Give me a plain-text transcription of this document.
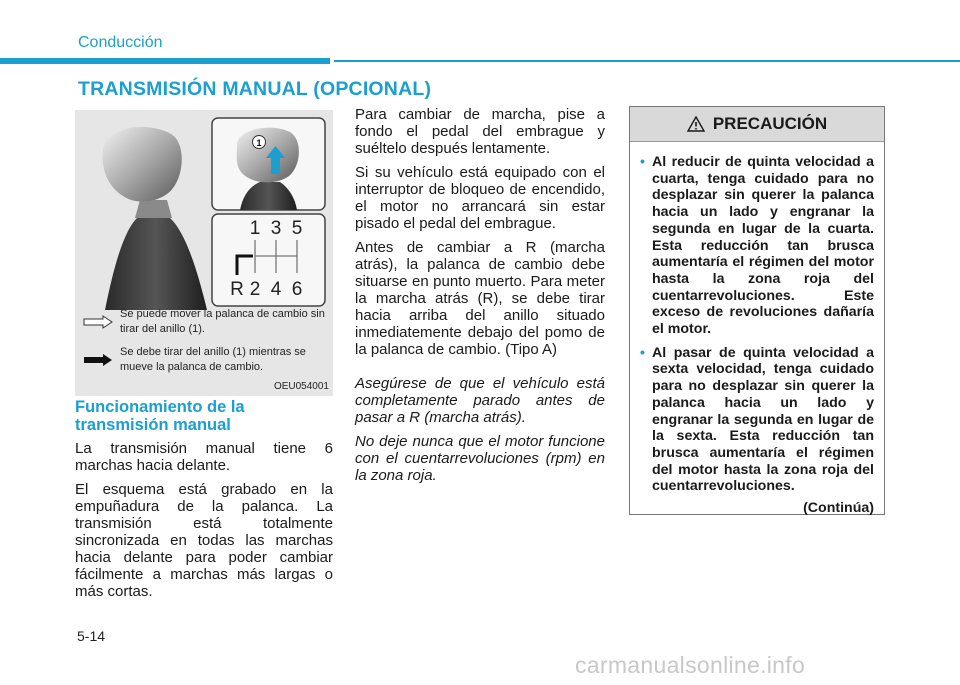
Conducción
TRANSMISIÓN MANUAL (OPCIONAL)
1
1 3 5
R 2 4 6
Se puede mover la palanca de cambio sin tirar del anillo (1).
Se debe tirar del anillo (1) mientras se mueve la palanca de cambio.
OEU054001
Funcionamiento de la transmisión manual

La transmisión manual tiene 6 marchas hacia delante.

El esquema está grabado en la empuñadura de la palanca. La transmisión está totalmente sincronizada en todas las marchas hacia delante para poder cambiar fácilmente a marchas más largas o más cortas.

Para cambiar de marcha, pise a fondo el pedal del embrague y suéltelo después lentamente.

Si su vehículo está equipado con el interruptor de bloqueo de encendido, el motor no arrancará sin estar pisado el pedal del embrague.

Antes de cambiar a R (marcha atrás), la palanca de cambio debe situarse en punto muerto. Para meter la marcha atrás (R), se debe tirar hacia arriba del anillo situado inmediatemente debajo del pomo de la palanca de cambio. (Tipo A)

Asegúrese de que el vehículo está completamente parado antes de pasar a R (marcha atrás).

No deje nunca que el motor funcione con el cuentarrevoluciones (rpm) en la zona roja.

PRECAUCIÓN
• Al reducir de quinta velocidad a cuarta, tenga cuidado para no desplazar sin querer la palanca hacia un lado y engranar la segunda en lugar de la cuarta. Esta reducción tan brusca aumentaría el régimen del motor hasta la zona roja del cuentarrevoluciones. Este exceso de revoluciones dañaría el motor.
• Al pasar de quinta velocidad a sexta velocidad, tenga cuidado para no desplazar sin querer la palanca hacia un lado y engranar la segunda en lugar de la sexta. Esta reducción tan brusca aumentaría el régimen del motor hasta la zona roja del cuentarrevoluciones.
(Continúa)
5-14
carmanualsonline.info
